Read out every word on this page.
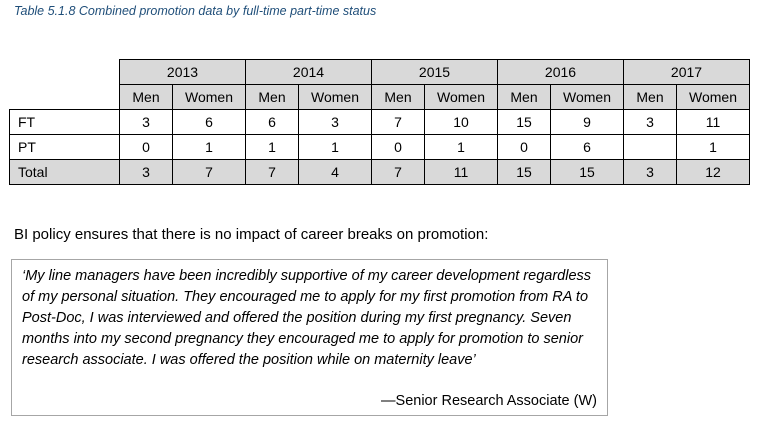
Table 5.1.8 Combined promotion data by full-time part-time status
	2013		2014		2015		2016		2017	
	Men	Women	Men	Women	Men	Women	Men	Women	Men	Women
FT	3	6	6	3	7	10	15	9	3	11
PT	0	1	1	1	0	1	0	6		1
Total	3	7	7	4	7	11	15	15	3	12
BI policy ensures that there is no impact of career breaks on promotion:
‘My line managers have been incredibly supportive of my career development regardless of my personal situation. They encouraged me to apply for my first promotion from RA to Post-Doc, I was interviewed and offered the position during my first pregnancy. Seven months into my second pregnancy they encouraged me to apply for promotion to senior research associate. I was offered the position while on maternity leave’
—Senior Research Associate (W)
